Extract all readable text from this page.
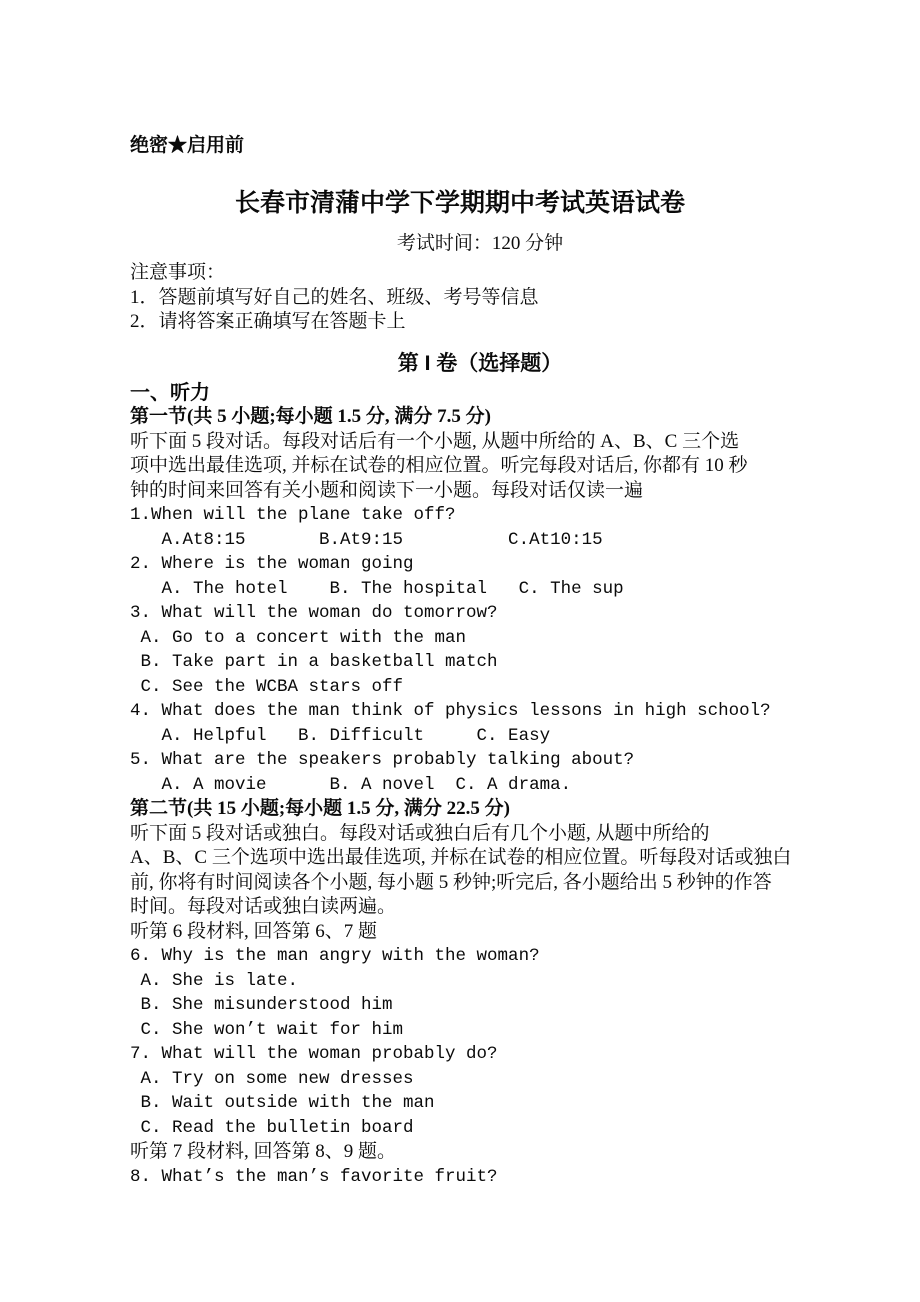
绝密★启用前
长春市清蒲中学下学期期中考试英语试卷
考试时间：120 分钟
注意事项：
1．答题前填写好自己的姓名、班级、考号等信息
2．请将答案正确填写在答题卡上
第 I 卷（选择题）
一、听力
第一节(共 5 小题;每小题 1.5 分, 满分 7.5 分)
听下面 5 段对话。每段对话后有一个小题, 从题中所给的 A、B、C 三个选
项中选出最佳选项, 并标在试卷的相应位置。听完每段对话后, 你都有 10 秒
钟的时间来回答有关小题和阅读下一小题。每段对话仅读一遍
1.When will the plane take off?
A.At8:15       B.At9:15          C.At10:15
2. Where is the woman going
A. The hotel    B. The hospital   C. The sup
3. What will the woman do tomorrow?
A. Go to a concert with the man
B. Take part in a basketball match
C. See the WCBA stars off
4. What does the man think of physics lessons in high school?
A. Helpful   B. Difficult     C. Easy
5. What are the speakers probably talking about?
A. A movie      B. A novel  C. A drama.
第二节(共 15 小题;每小题 1.5 分, 满分 22.5 分)
听下面 5 段对话或独白。每段对话或独白后有几个小题, 从题中所给的
A、B、C 三个选项中选出最佳选项, 并标在试卷的相应位置。听每段对话或独白
前, 你将有时间阅读各个小题, 每小题 5 秒钟;听完后, 各小题给出 5 秒钟的作答
时间。每段对话或独白读两遍。
听第 6 段材料, 回答第 6、7 题
6. Why is the man angry with the woman?
A. She is late.
B. She misunderstood him
C. She won’t wait for him
7. What will the woman probably do?
A. Try on some new dresses
B. Wait outside with the man
C. Read the bulletin board
听第 7 段材料, 回答第 8、9 题。
8. What’s the man’s favorite fruit?
